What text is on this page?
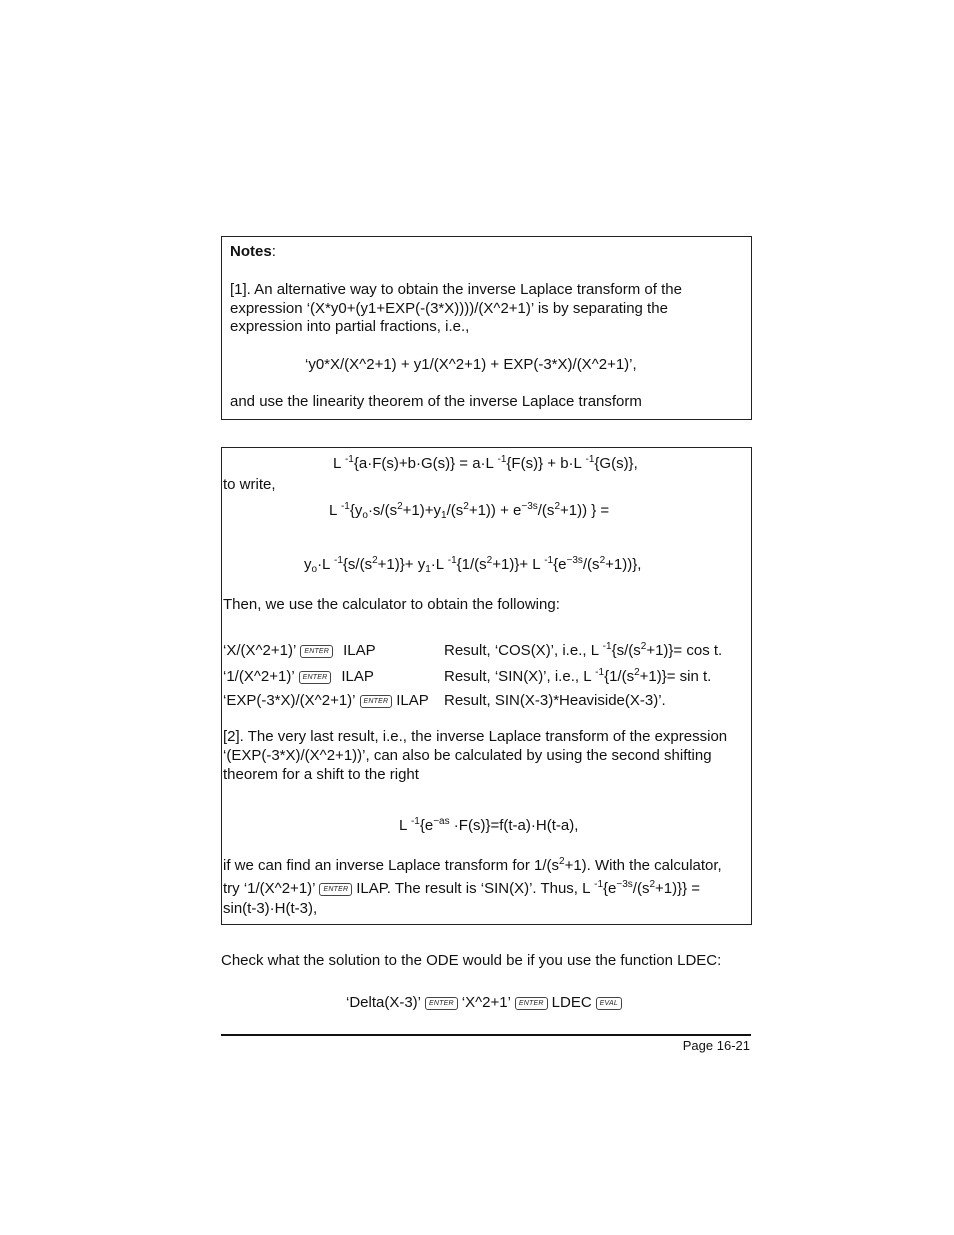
Notes:
[1]. An alternative way to obtain the inverse Laplace transform of the
expression ‘(X*y0+(y1+EXP(-(3*X))))/(X^2+1)’ is by separating the
expression into partial fractions, i.e.,
‘y0*X/(X^2+1) + y1/(X^2+1) + EXP(-3*X)/(X^2+1)’,
and use the linearity theorem of the inverse Laplace transform
L $^{-1}${a·F(s)+b·G(s)} = a·L $^{-1}${F(s)} + b·L $^{-1}${G(s)},
to write,
L $^{-1}\{y_o\cdot s/(s^2+1)+y_1/(s^2+1)) + e^{-3s}/(s^2+1)$) } =
$y_o\cdot L$ $^{-1}\{s/(s^2+1)\}+ y_1\cdot L$ $^{-1}\{1/(s^2+1)\}+ L$ $^{-1}\{e^{-3s}/(s^2+1))$},
Then, we use the calculator to obtain the following:
‘X/(X^2+1)’ ENTER ILAP	Result, ‘COS(X)’, i.e., L $^{-1}\{s/(s^2+1)\}= \cos t$.
‘1/(X^2+1)’ ENTER ILAP	Result, ‘SIN(X)’, i.e., L $^{-1}\{1/(s^2+1)\}= \sin t$.
‘EXP(-3*X)/(X^2+1)’ ENTER ILAP Result, SIN(X-3)*Heaviside(X-3)’.
[2]. The very last result, i.e., the inverse Laplace transform of the expression
‘(EXP(-3*X)/(X^2+1))’, can also be calculated by using the second shifting
theorem for a shift to the right
L $^{-1}\{e^{-as} \cdot F(s)\}=f(t-a)\cdot H(t-a)$,
if we can find an inverse Laplace transform for $1/(s^2+1)$. With the calculator,
try ‘1/(X^2+1)’ ENTER ILAP. The result is ‘SIN(X)’. Thus, L $^{-1}\{e^{-3s}/(s^2+1)\}$} =
sin(t-3)·H(t-3),
Check what the solution to the ODE would be if you use the function LDEC:
‘Delta(X-3)’ ENTER ‘X^2+1’ ENTER LDEC EVAL
Page 16-21
